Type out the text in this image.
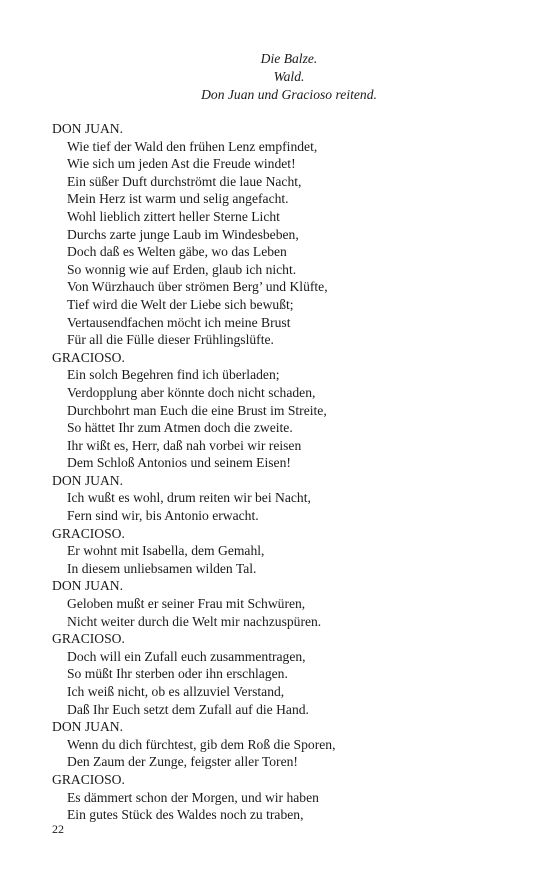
Die Balze.
Wald.
Don Juan und Gracioso reitend.
DON JUAN.
Wie tief der Wald den frühen Lenz empfindet,
Wie sich um jeden Ast die Freude windet!
Ein süßer Duft durchströmt die laue Nacht,
Mein Herz ist warm und selig angefacht.
Wohl lieblich zittert heller Sterne Licht
Durchs zarte junge Laub im Windesbeben,
Doch daß es Welten gäbe, wo das Leben
So wonnig wie auf Erden, glaub ich nicht.
Von Würzhauch über strömen Berg’ und Klüfte,
Tief wird die Welt der Liebe sich bewußt;
Vertausendfachen möcht ich meine Brust
Für all die Fülle dieser Frühlingslüfte.
GRACIOSO.
Ein solch Begehren find ich überladen;
Verdopplung aber könnte doch nicht schaden,
Durchbohrt man Euch die eine Brust im Streite,
So hättet Ihr zum Atmen doch die zweite.
Ihr wißt es, Herr, daß nah vorbei wir reisen
Dem Schloß Antonios und seinem Eisen!
DON JUAN.
Ich wußt es wohl, drum reiten wir bei Nacht,
Fern sind wir, bis Antonio erwacht.
GRACIOSO.
Er wohnt mit Isabella, dem Gemahl,
In diesem unliebsamen wilden Tal.
DON JUAN.
Geloben mußt er seiner Frau mit Schwüren,
Nicht weiter durch die Welt mir nachzuspüren.
GRACIOSO.
Doch will ein Zufall euch zusammentragen,
So müßt Ihr sterben oder ihn erschlagen.
Ich weiß nicht, ob es allzuviel Verstand,
Daß Ihr Euch setzt dem Zufall auf die Hand.
DON JUAN.
Wenn du dich fürchtest, gib dem Roß die Sporen,
Den Zaum der Zunge, feigster aller Toren!
GRACIOSO.
Es dämmert schon der Morgen, und wir haben
Ein gutes Stück des Waldes noch zu traben,
22
